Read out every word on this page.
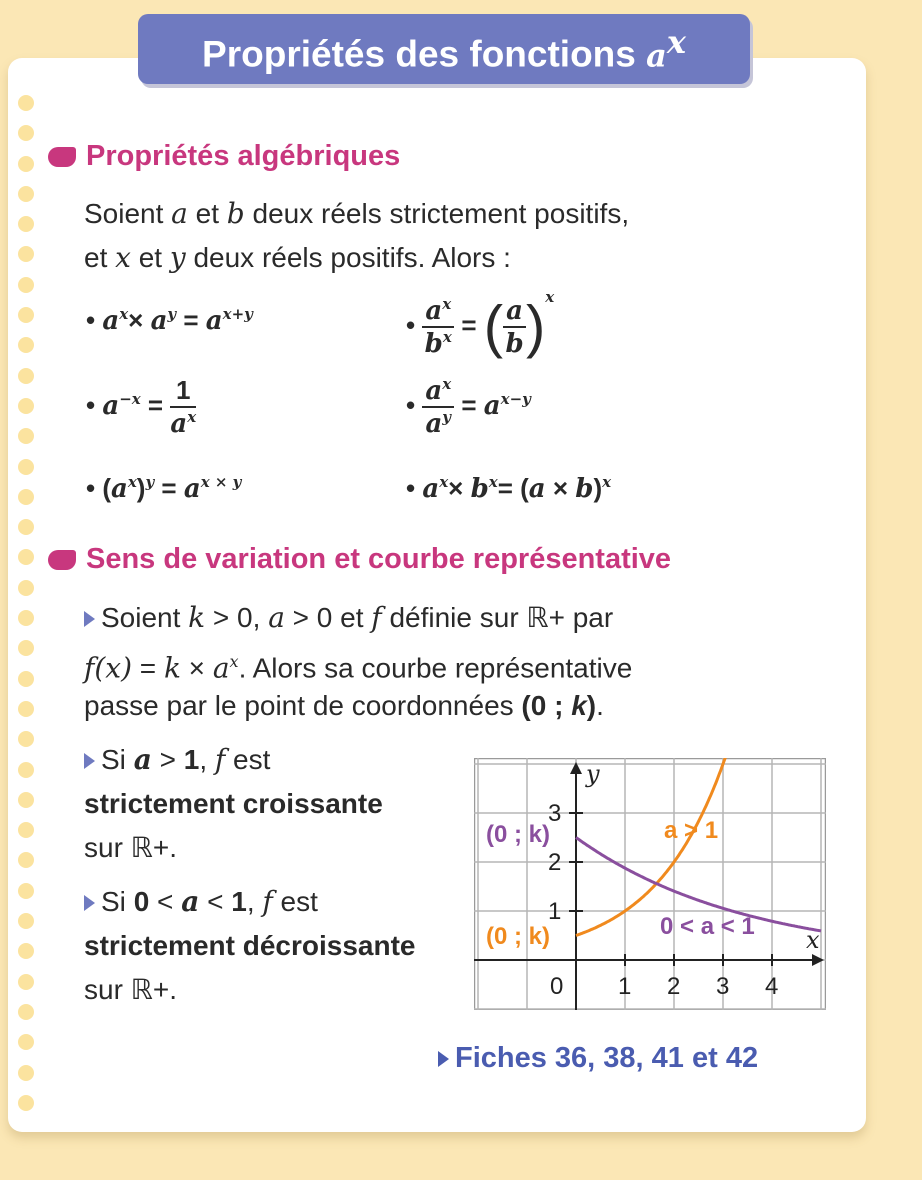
Propriétés des fonctions $a^x$
Propriétés algébriques
Soient a et b deux réels strictement positifs,
et x et y deux réels positifs. Alors :
• $a^x\times a^y = a^{x+y}$	• $\frac{a^x}{b^x}$ = ( $\frac{a}{b} )^x$
• $a^{-x} = \frac{1}{a^x}$	• $\frac{a^x}{a^y} = a^{x-y}$
• $(a^x)^y = a^{x \times y}$	• $a^x\times b^x= (a \times b)^x$
Sens de variation et courbe représentative
Soient k > 0, a > 0 et f définie sur ℝ+ par
$f(x) = k \times a^x$. Alors sa courbe représentative
passe par le point de coordonnées (0 ; k).
Si a > 1, f est
strictement croissante
sur ℝ+.
Si 0 < a < 1, f est
strictement décroissante
sur ℝ+.	0 1 2 3 4
1
2
3
x
y
(0 ; k)
(0 ; k)
a > 1
0 < a < 1
Fiches 36, 38, 41 et 42
